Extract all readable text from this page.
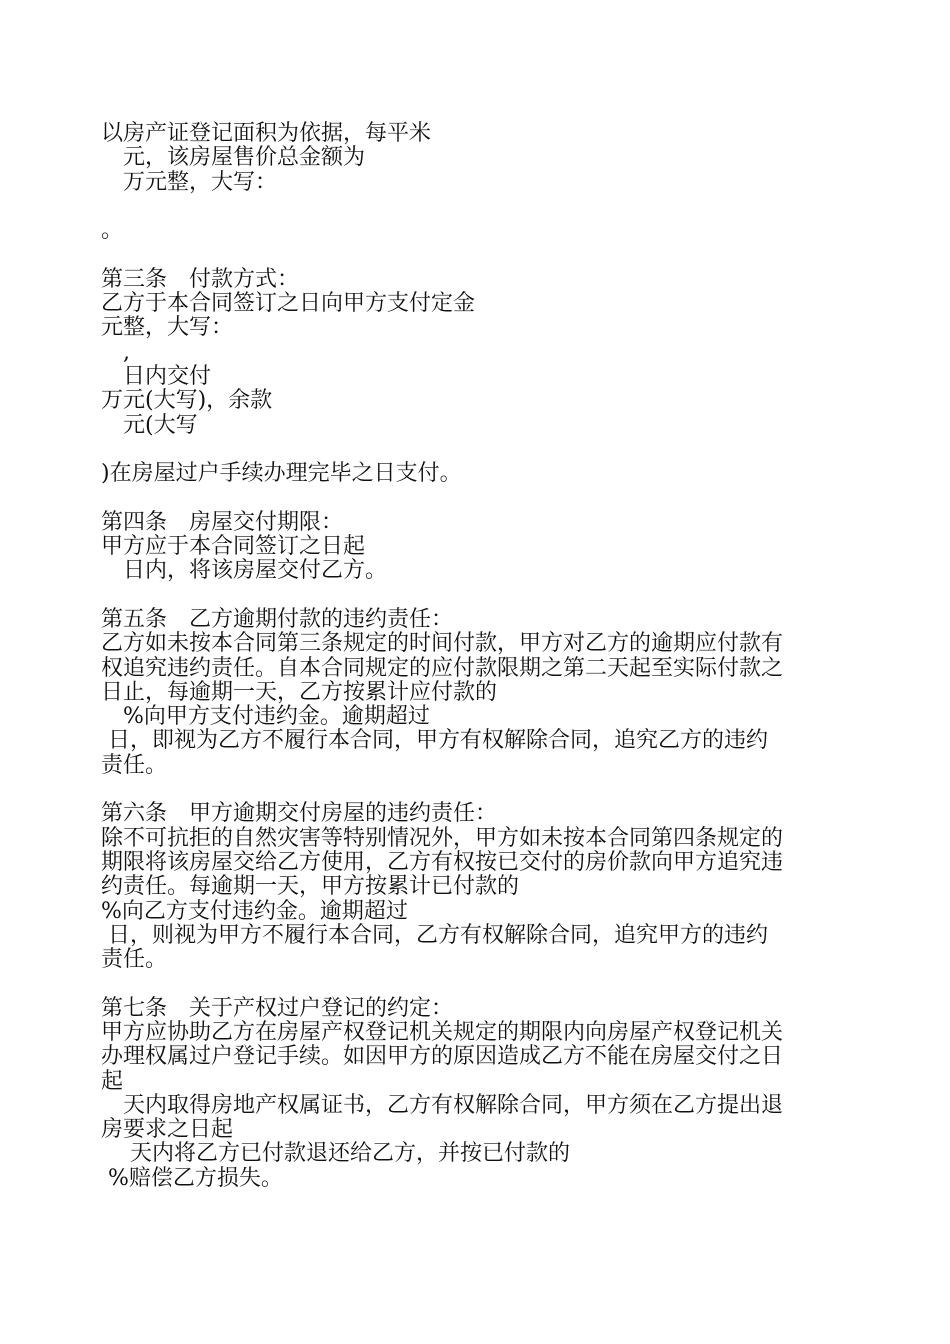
以房产证登记面积为依据，每平米
　元，该房屋售价总金额为
　万元整，大写：
。
第三条　付款方式：
乙方于本合同签订之日向甲方支付定金
元整，大写：
　,
　日内交付
万元(大写)，余款
　元(大写
)在房屋过户手续办理完毕之日支付。
第四条　房屋交付期限：
甲方应于本合同签订之日起
　日内，将该房屋交付乙方。
第五条　乙方逾期付款的违约责任：
乙方如未按本合同第三条规定的时间付款，甲方对乙方的逾期应付款有
权追究违约责任。自本合同规定的应付款限期之第二天起至实际付款之
日止，每逾期一天，乙方按累计应付款的
　%向甲方支付违约金。逾期超过
日，即视为乙方不履行本合同，甲方有权解除合同，追究乙方的违约
责任。
第六条　甲方逾期交付房屋的违约责任：
除不可抗拒的自然灾害等特别情况外，甲方如未按本合同第四条规定的
期限将该房屋交给乙方使用，乙方有权按已交付的房价款向甲方追究违
约责任。每逾期一天，甲方按累计已付款的
%向乙方支付违约金。逾期超过
日，则视为甲方不履行本合同，乙方有权解除合同，追究甲方的违约
责任。
第七条　关于产权过户登记的约定：
甲方应协助乙方在房屋产权登记机关规定的期限内向房屋产权登记机关
办理权属过户登记手续。如因甲方的原因造成乙方不能在房屋交付之日
起
　天内取得房地产权属证书，乙方有权解除合同，甲方须在乙方提出退
房要求之日起
　 天内将乙方已付款退还给乙方，并按已付款的
%赔偿乙方损失。
